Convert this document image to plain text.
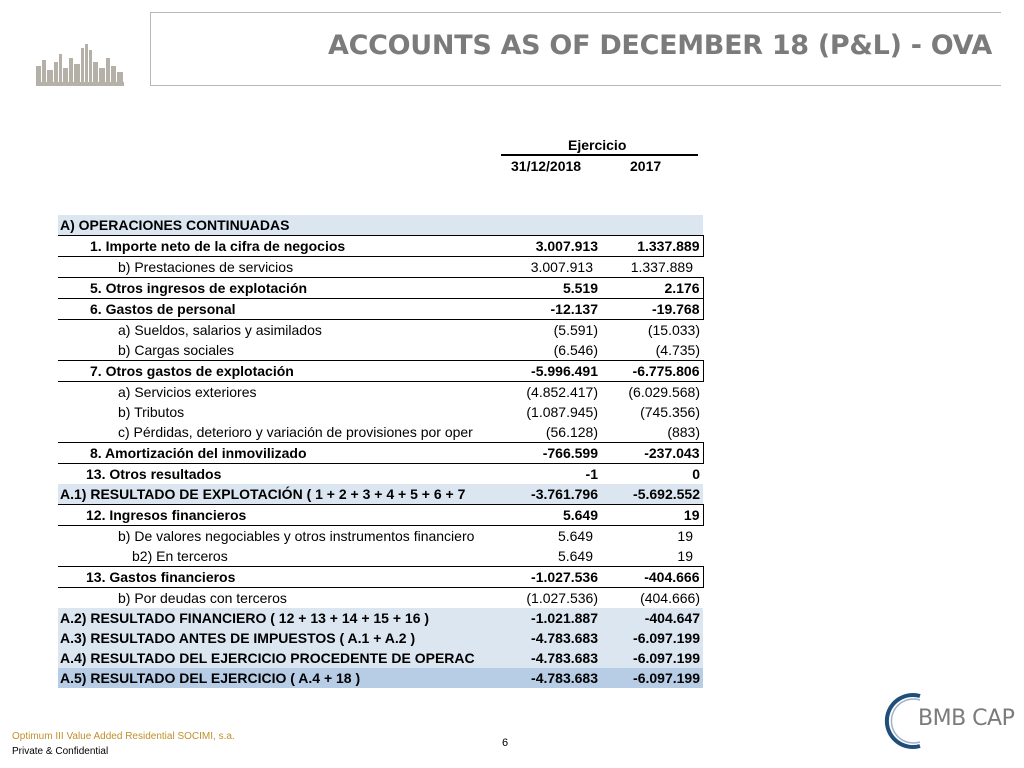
ACCOUNTS AS OF DECEMBER 18 (P&L) - OVA
Ejercicio
31/12/2018	2017
A) OPERACIONES CONTINUADAS		
1. Importe neto de la cifra de negocios	3.007.913	1.337.889
b) Prestaciones de servicios	3.007.913	1.337.889
5. Otros ingresos de explotación	5.519	2.176
6. Gastos de personal	-12.137	-19.768
a) Sueldos, salarios y asimilados	(5.591)	(15.033)
b) Cargas sociales	(6.546)	(4.735)
7. Otros gastos de explotación	-5.996.491	-6.775.806
a) Servicios exteriores	(4.852.417)	(6.029.568)
b) Tributos	(1.087.945)	(745.356)
c) Pérdidas, deterioro y variación de provisiones por oper	(56.128)	(883)
8. Amortización del inmovilizado	-766.599	-237.043
13. Otros resultados	-1	0
A.1) RESULTADO DE EXPLOTACIÓN ( 1 + 2 + 3 + 4 + 5 + 6 + 7	-3.761.796	-5.692.552
12. Ingresos financieros	5.649	19
b) De valores negociables y otros instrumentos financiero	5.649	19
b2) En terceros	5.649	19
13. Gastos financieros	-1.027.536	-404.666
b) Por deudas con terceros	(1.027.536)	(404.666)
A.2) RESULTADO FINANCIERO ( 12 + 13 + 14 + 15 + 16 )	-1.021.887	-404.647
A.3) RESULTADO ANTES DE IMPUESTOS ( A.1 + A.2 )	-4.783.683	-6.097.199
A.4) RESULTADO DEL EJERCICIO PROCEDENTE DE OPERAC	-4.783.683	-6.097.199
A.5) RESULTADO DEL EJERCICIO ( A.4 + 18 )	-4.783.683	-6.097.199
Optimum III Value Added Residential SOCIMI, s.a.
Private & Confidential
6
BMB CAP
